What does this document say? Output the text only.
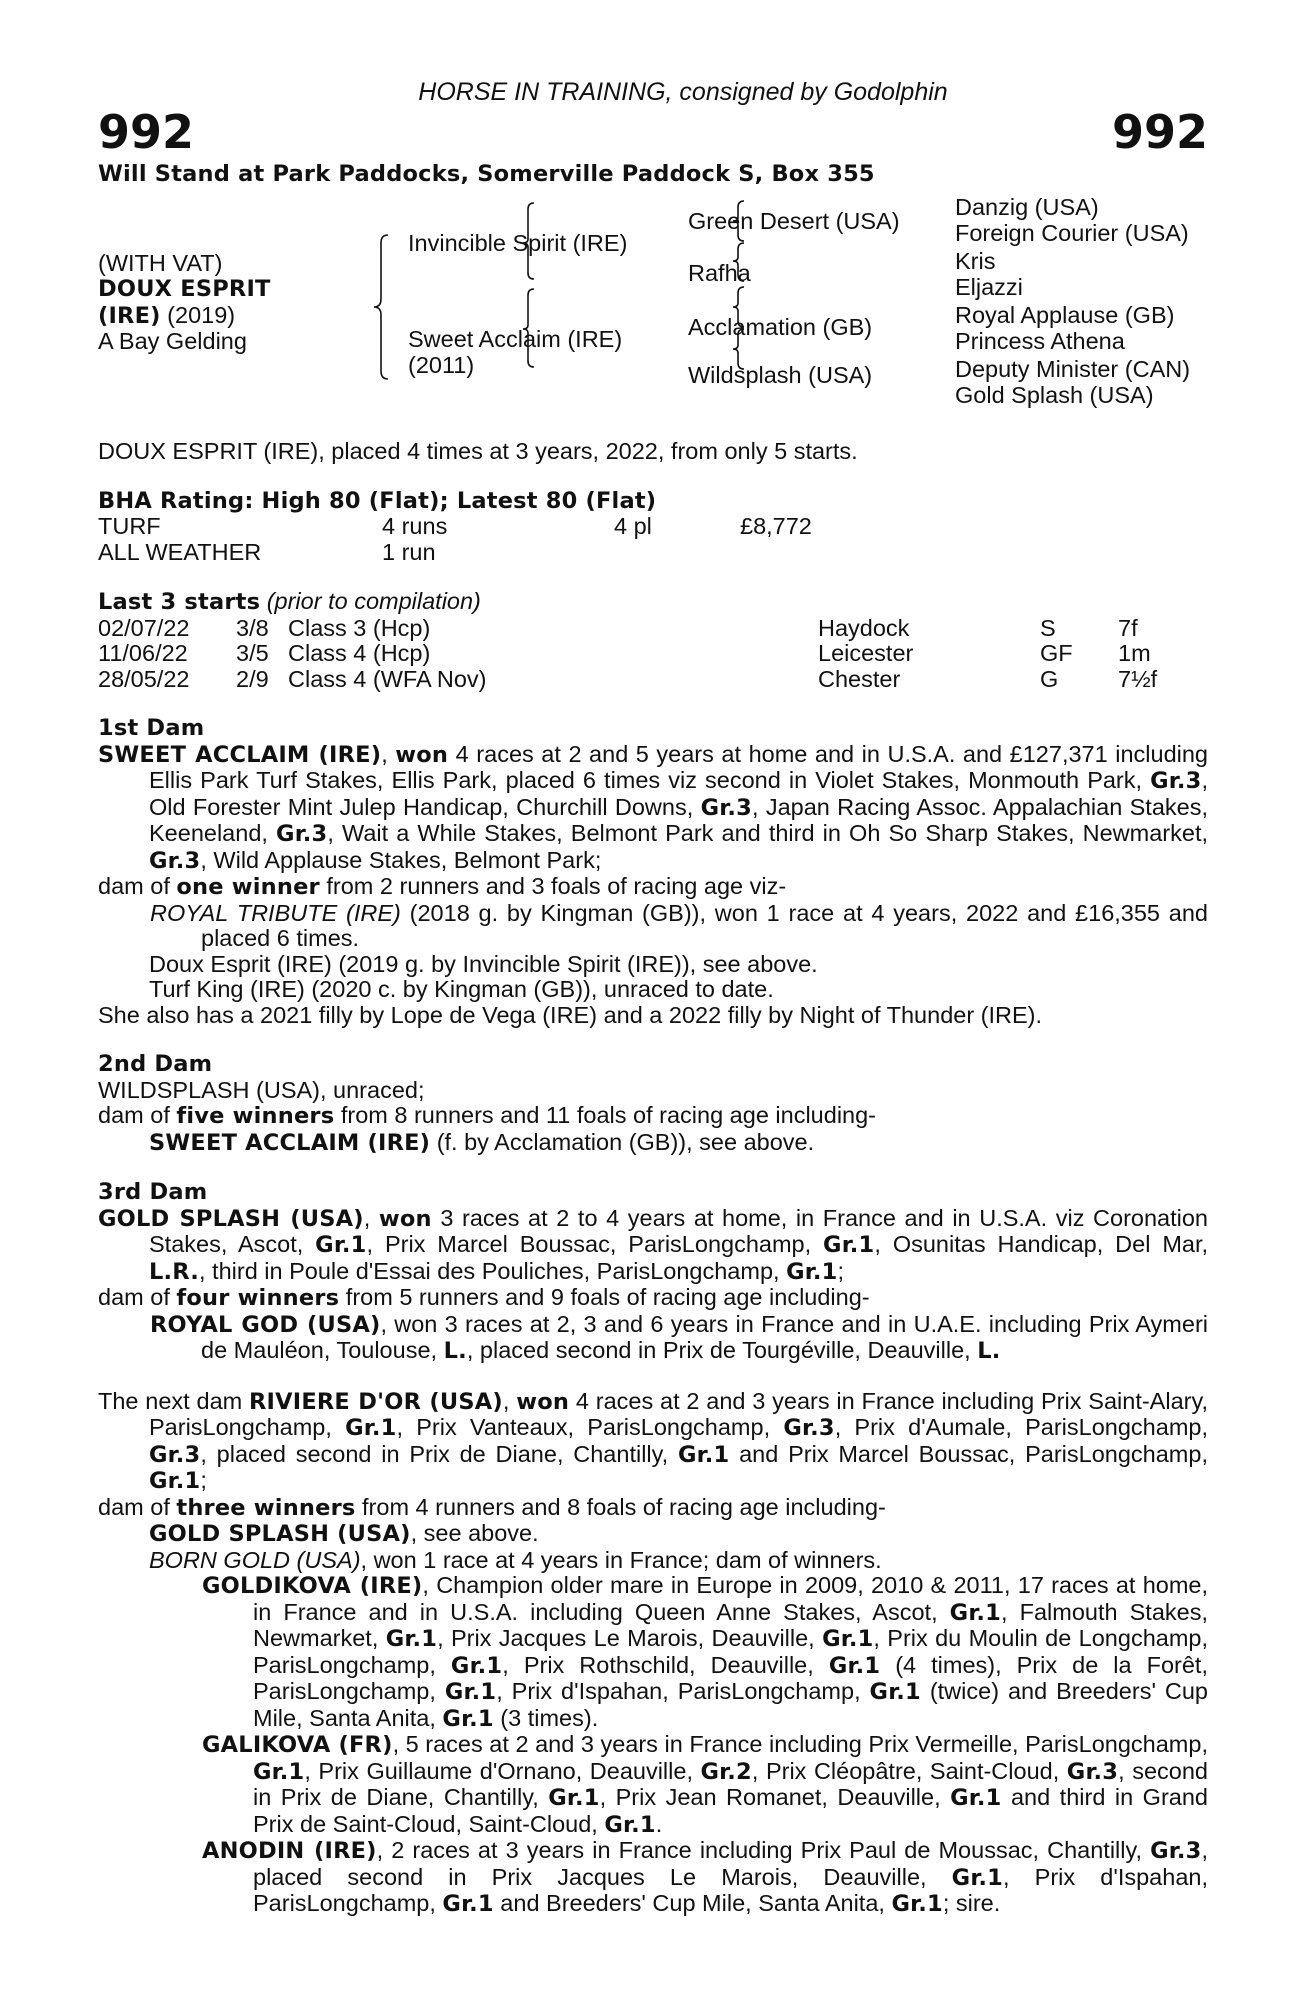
HORSE IN TRAINING, consigned by Godolphin
992	992
Will Stand at Park Paddocks, Somerville Paddock S, Box 355
(WITH VAT)
DOUX ESPRIT
(IRE) (2019)
A Bay Gelding
Invincible Spirit (IRE)
Sweet Acclaim (IRE)
(2011)
Green Desert (USA)
Rafha
Acclamation (GB)
Wildsplash (USA)
Danzig (USA)
Foreign Courier (USA)
Kris
Eljazzi
Royal Applause (GB)
Princess Athena
Deputy Minister (CAN)
Gold Splash (USA)
DOUX ESPRIT (IRE), placed 4 times at 3 years, 2022, from only 5 starts.
BHA Rating: High 80 (Flat); Latest 80 (Flat)
TURF	4 runs	4 pl	£8,772
ALL WEATHER	1 run
Last 3 starts (prior to compilation)
02/07/22 3/8 Class 3 (Hcp)	Haydock	S	7f
11/06/22 3/5 Class 4 (Hcp)	Leicester	GF 1m
28/05/22 2/9 Class 4 (WFA Nov)	Chester	G	7½f
1st Dam

SWEET ACCLAIM (IRE), won 4 races at 2 and 5 years at home and in U.S.A. and £127,371 including Ellis Park Turf Stakes, Ellis Park, placed 6 times viz second in Violet Stakes, Monmouth Park, Gr.3, Old Forester Mint Julep Handicap, Churchill Downs, Gr.3, Japan Racing Assoc. Appalachian Stakes, Keeneland, Gr.3, Wait a While Stakes, Belmont Park and third in Oh So Sharp Stakes, Newmarket, Gr.3, Wild Applause Stakes, Belmont Park;

dam of one winner from 2 runners and 3 foals of racing age viz-

ROYAL TRIBUTE (IRE) (2018 g. by Kingman (GB)), won 1 race at 4 years, 2022 and £16,355 and placed 6 times.

Doux Esprit (IRE) (2019 g. by Invincible Spirit (IRE)), see above.

Turf King (IRE) (2020 c. by Kingman (GB)), unraced to date.

She also has a 2021 filly by Lope de Vega (IRE) and a 2022 filly by Night of Thunder (IRE).

2nd Dam

WILDSPLASH (USA), unraced;

dam of five winners from 8 runners and 11 foals of racing age including-

SWEET ACCLAIM (IRE) (f. by Acclamation (GB)), see above.

3rd Dam

GOLD SPLASH (USA), won 3 races at 2 to 4 years at home, in France and in U.S.A. viz Coronation Stakes, Ascot, Gr.1, Prix Marcel Boussac, ParisLongchamp, Gr.1, Osunitas Handicap, Del Mar, L.R., third in Poule d'Essai des Pouliches, ParisLongchamp, Gr.1;

dam of four winners from 5 runners and 9 foals of racing age including-

ROYAL GOD (USA), won 3 races at 2, 3 and 6 years in France and in U.A.E. including Prix Aymeri de Mauléon, Toulouse, L., placed second in Prix de Tourgéville, Deauville, L.

The next dam RIVIERE D'OR (USA), won 4 races at 2 and 3 years in France including Prix Saint-Alary, ParisLongchamp, Gr.1, Prix Vanteaux, ParisLongchamp, Gr.3, Prix d'Aumale, ParisLongchamp, Gr.3, placed second in Prix de Diane, Chantilly, Gr.1 and Prix Marcel Boussac, ParisLongchamp, Gr.1;

dam of three winners from 4 runners and 8 foals of racing age including-

GOLD SPLASH (USA), see above.

BORN GOLD (USA), won 1 race at 4 years in France; dam of winners.

GOLDIKOVA (IRE), Champion older mare in Europe in 2009, 2010 & 2011, 17 races at home, in France and in U.S.A. including Queen Anne Stakes, Ascot, Gr.1, Falmouth Stakes, Newmarket, Gr.1, Prix Jacques Le Marois, Deauville, Gr.1, Prix du Moulin de Longchamp, ParisLongchamp, Gr.1, Prix Rothschild, Deauville, Gr.1 (4 times), Prix de la Forêt, ParisLongchamp, Gr.1, Prix d'Ispahan, ParisLongchamp, Gr.1 (twice) and Breeders' Cup Mile, Santa Anita, Gr.1 (3 times).

GALIKOVA (FR), 5 races at 2 and 3 years in France including Prix Vermeille, ParisLongchamp, Gr.1, Prix Guillaume d'Ornano, Deauville, Gr.2, Prix Cléopâtre, Saint-Cloud, Gr.3, second in Prix de Diane, Chantilly, Gr.1, Prix Jean Romanet, Deauville, Gr.1 and third in Grand Prix de Saint-Cloud, Saint-Cloud, Gr.1.

ANODIN (IRE), 2 races at 3 years in France including Prix Paul de Moussac, Chantilly, Gr.3, placed second in Prix Jacques Le Marois, Deauville, Gr.1, Prix d'Ispahan, ParisLongchamp, Gr.1 and Breeders' Cup Mile, Santa Anita, Gr.1; sire.
